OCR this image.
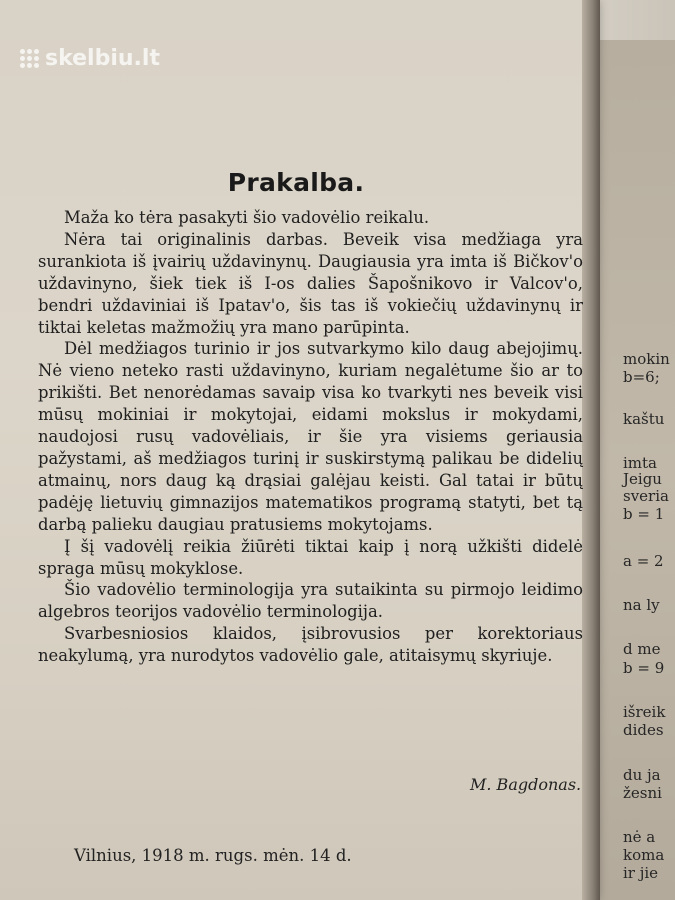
mokin
b=6;
kaštu
imta
Jeigu
sveria
b = 1
a = 2
na ly
d me
b = 9
išreik
dides
du ja
žesni
nė a
koma
ir jie
skelbiu.lt
Prakalba.

Maža ko tėra pasakyti šio vadovėlio reikalu.

Nėra tai originalinis darbas. Beveik visa medžiaga yra surankiota iš įvairių uždavinynų. Daugiausia yra imta iš Bičkov'o uždavinyno, šiek tiek iš I-os dalies Šapošnikovo ir Valcov'o, bendri uždaviniai iš Ipatav'o, šis tas iš vokiečių uždavinynų ir tiktai keletas mažmožių yra mano parūpinta.

Dėl medžiagos turinio ir jos sutvarkymo kilo daug abejojimų. Nė vieno neteko rasti uždavinyno, kuriam negalėtume šio ar to prikišti. Bet nenorėdamas savaip visa ko tvarkyti nes beveik visi mūsų mokiniai ir mokytojai, eidami mokslus ir mokydami, naudojosi rusų vadovėliais, ir šie yra visiems geriausia pažystami, aš medžiagos turinį ir suskirstymą palikau be didelių atmainų, nors daug ką drąsiai galėjau keisti. Gal tatai ir būtų padėję lietuvių gimnazijos matematikos programą statyti, bet tą darbą palieku daugiau pratusiems mokytojams.

Į šį vadovėlį reikia žiūrėti tiktai kaip į norą užkišti didelė spraga mūsų mokyklose.

Šio vadovėlio terminologija yra sutaikinta su pirmojo leidimo algebros teorijos vadovėlio terminologija.

Svarbesniosios klaidos, įsibrovusios per korektoriaus neakylumą, yra nurodytos vadovėlio gale, atitaisymų skyriuje.

M. Bagdonas.
Vilnius, 1918 m. rugs. mėn. 14 d.
